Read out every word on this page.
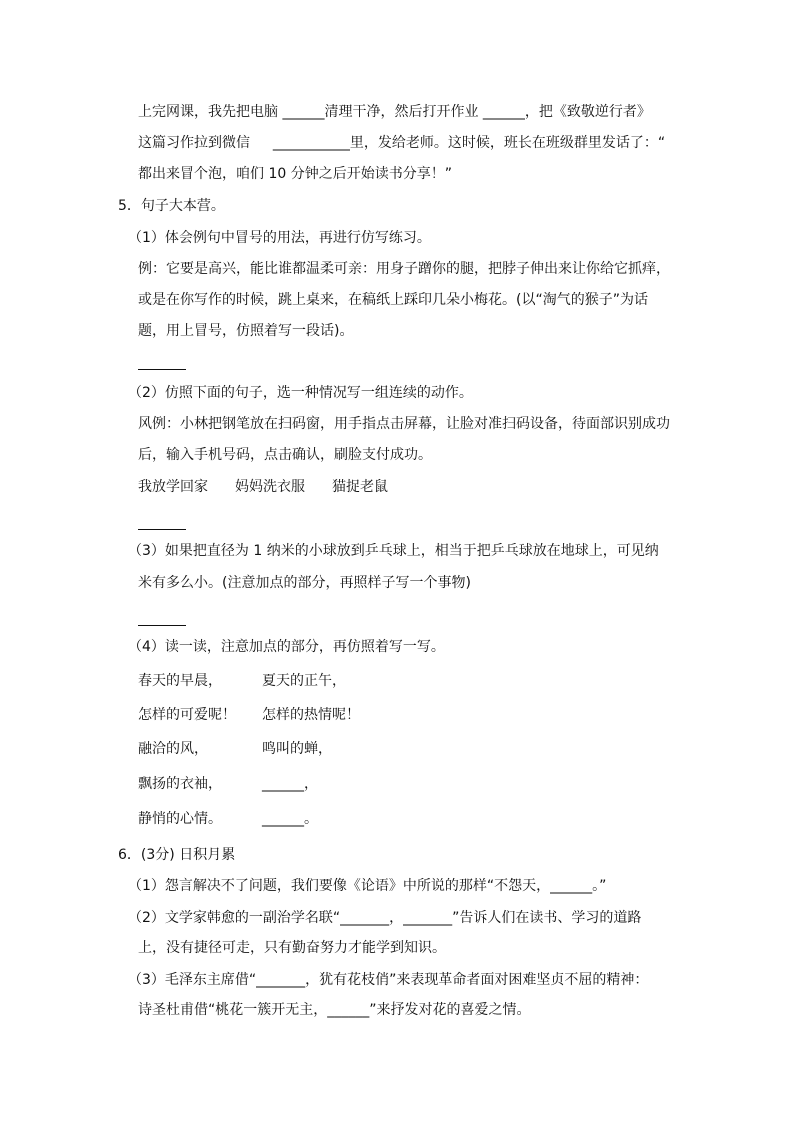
上完网课，我先把电脑 ______清理干净，然后打开作业 ______，把《致敬逆行者》
这篇习作拉到微信 　 ___________里，发给老师。这时候，班长在班级群里发话了：“
都出来冒个泡，咱们 10 分钟之后开始读书分享！”
5．句子大本营。
（1）体会例句中冒号的用法，再进行仿写练习。
例：它要是高兴，能比谁都温柔可亲：用身子蹭你的腿，把脖子伸出来让你给它抓痒，
或是在你写作的时候，跳上桌来，在稿纸上踩印几朵小梅花。(以“淘气的猴子”为话
题，用上冒号，仿照着写一段话)。
（2）仿照下面的句子，选一种情况写一组连续的动作。
风例：小林把钢笔放在扫码窗，用手指点击屏幕，让脸对准扫码设备，待面部识别成功
后，输入手机号码，点击确认，刷脸支付成功。
我放学回家 妈妈洗衣服 猫捉老鼠
（3）如果把直径为 1 纳米的小球放到乒乓球上，相当于把乒乓球放在地球上，可见纳
米有多么小。(注意加点的部分，再照样子写一个事物)
（4）读一读，注意加点的部分，再仿照着写一写。
春天的早晨，	夏天的正午，
怎样的可爱呢！ 怎样的热情呢！
融洽的风，	鸣叫的蝉，
飘扬的衣袖，	______，
静悄的心情。	______。
6．(3分) 日积月累
（1）怨言解决不了问题，我们要像《论语》中所说的那样“不怨天，______。”
（2）文学家韩愈的一副治学名联“_______，_______”告诉人们在读书、学习的道路
上，没有捷径可走，只有勤奋努力才能学到知识。
（3）毛泽东主席借“_______，犹有花枝俏”来表现革命者面对困难坚贞不屈的精神：
诗圣杜甫借“桃花一簇开无主，______”来抒发对花的喜爱之情。
